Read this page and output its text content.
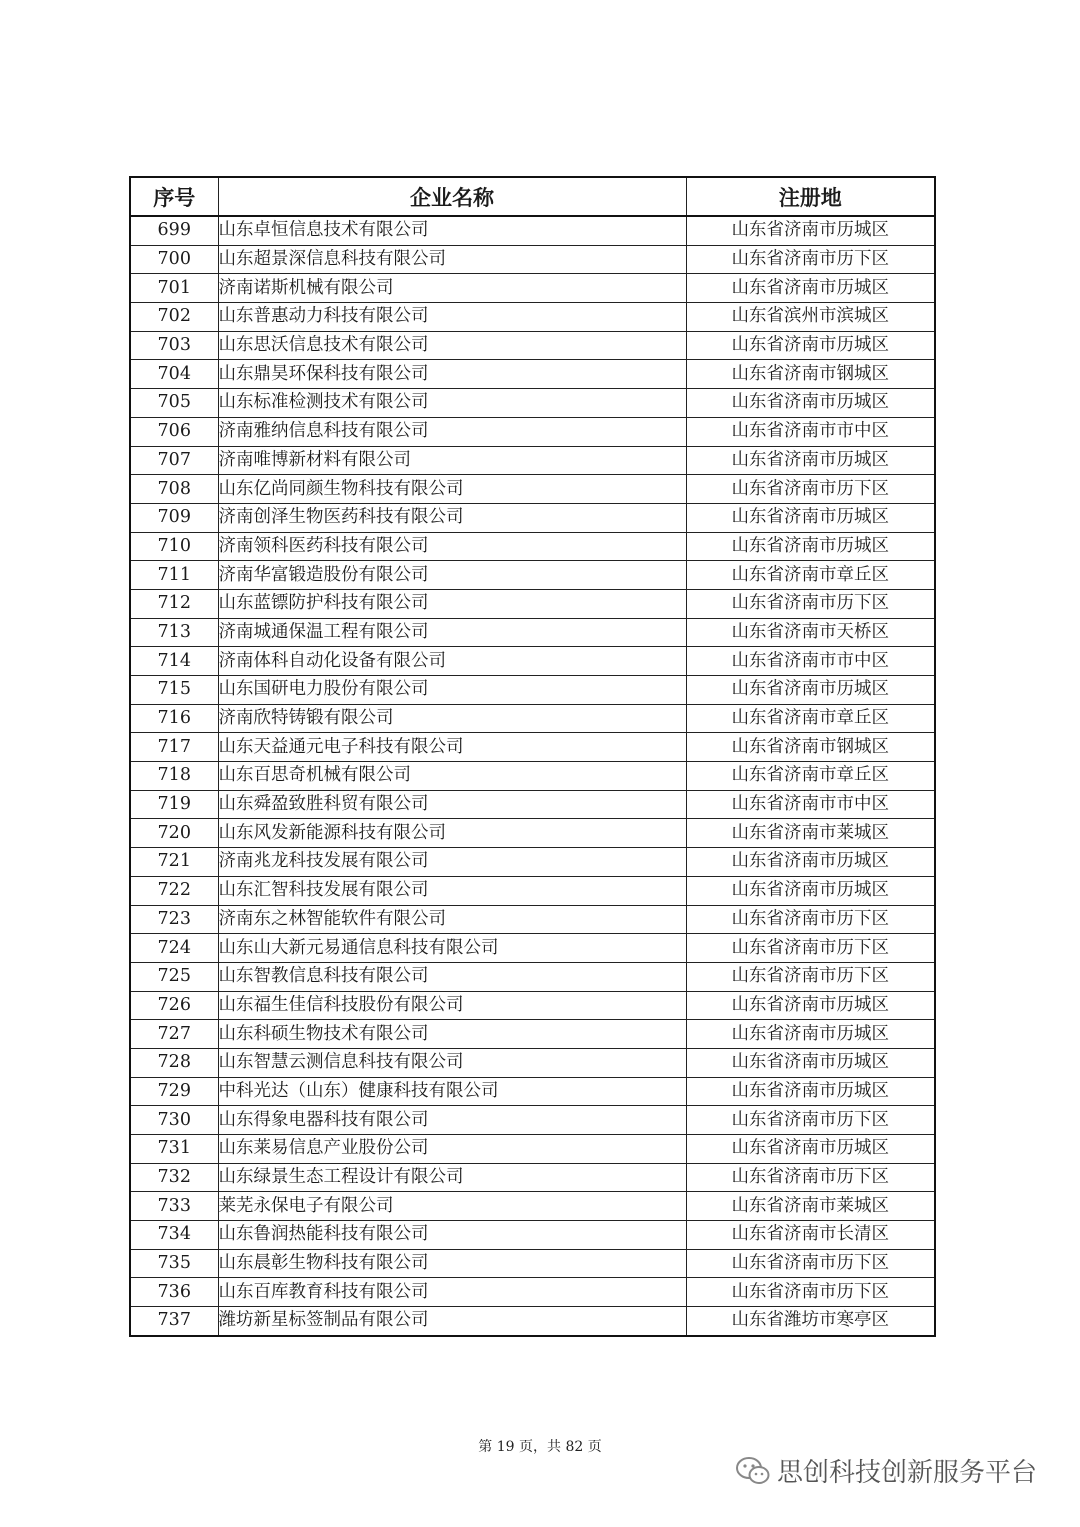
序号	企业名称	注册地
699	山东卓恒信息技术有限公司	山东省济南市历城区
700	山东超景深信息科技有限公司	山东省济南市历下区
701	济南诺斯机械有限公司	山东省济南市历城区
702	山东普惠动力科技有限公司	山东省滨州市滨城区
703	山东思沃信息技术有限公司	山东省济南市历城区
704	山东鼎昊环保科技有限公司	山东省济南市钢城区
705	山东标准检测技术有限公司	山东省济南市历城区
706	济南雅纳信息科技有限公司	山东省济南市市中区
707	济南唯博新材料有限公司	山东省济南市历城区
708	山东亿尚同颜生物科技有限公司	山东省济南市历下区
709	济南创泽生物医药科技有限公司	山东省济南市历城区
710	济南领科医药科技有限公司	山东省济南市历城区
711	济南华富锻造股份有限公司	山东省济南市章丘区
712	山东蓝镖防护科技有限公司	山东省济南市历下区
713	济南城通保温工程有限公司	山东省济南市天桥区
714	济南体科自动化设备有限公司	山东省济南市市中区
715	山东国研电力股份有限公司	山东省济南市历城区
716	济南欣特铸锻有限公司	山东省济南市章丘区
717	山东天益通元电子科技有限公司	山东省济南市钢城区
718	山东百思奇机械有限公司	山东省济南市章丘区
719	山东舜盈致胜科贸有限公司	山东省济南市市中区
720	山东风发新能源科技有限公司	山东省济南市莱城区
721	济南兆龙科技发展有限公司	山东省济南市历城区
722	山东汇智科技发展有限公司	山东省济南市历城区
723	济南东之林智能软件有限公司	山东省济南市历下区
724	山东山大新元易通信息科技有限公司	山东省济南市历下区
725	山东智教信息科技有限公司	山东省济南市历下区
726	山东福生佳信科技股份有限公司	山东省济南市历城区
727	山东科硕生物技术有限公司	山东省济南市历城区
728	山东智慧云测信息科技有限公司	山东省济南市历城区
729	中科光达（山东）健康科技有限公司	山东省济南市历城区
730	山东得象电器科技有限公司	山东省济南市历下区
731	山东莱易信息产业股份公司	山东省济南市历城区
732	山东绿景生态工程设计有限公司	山东省济南市历下区
733	莱芜永保电子有限公司	山东省济南市莱城区
734	山东鲁润热能科技有限公司	山东省济南市长清区
735	山东晨彰生物科技有限公司	山东省济南市历下区
736	山东百库教育科技有限公司	山东省济南市历下区
737	潍坊新星标签制品有限公司	山东省潍坊市寒亭区
第 19 页，共 82 页
思创科技创新服务平台
